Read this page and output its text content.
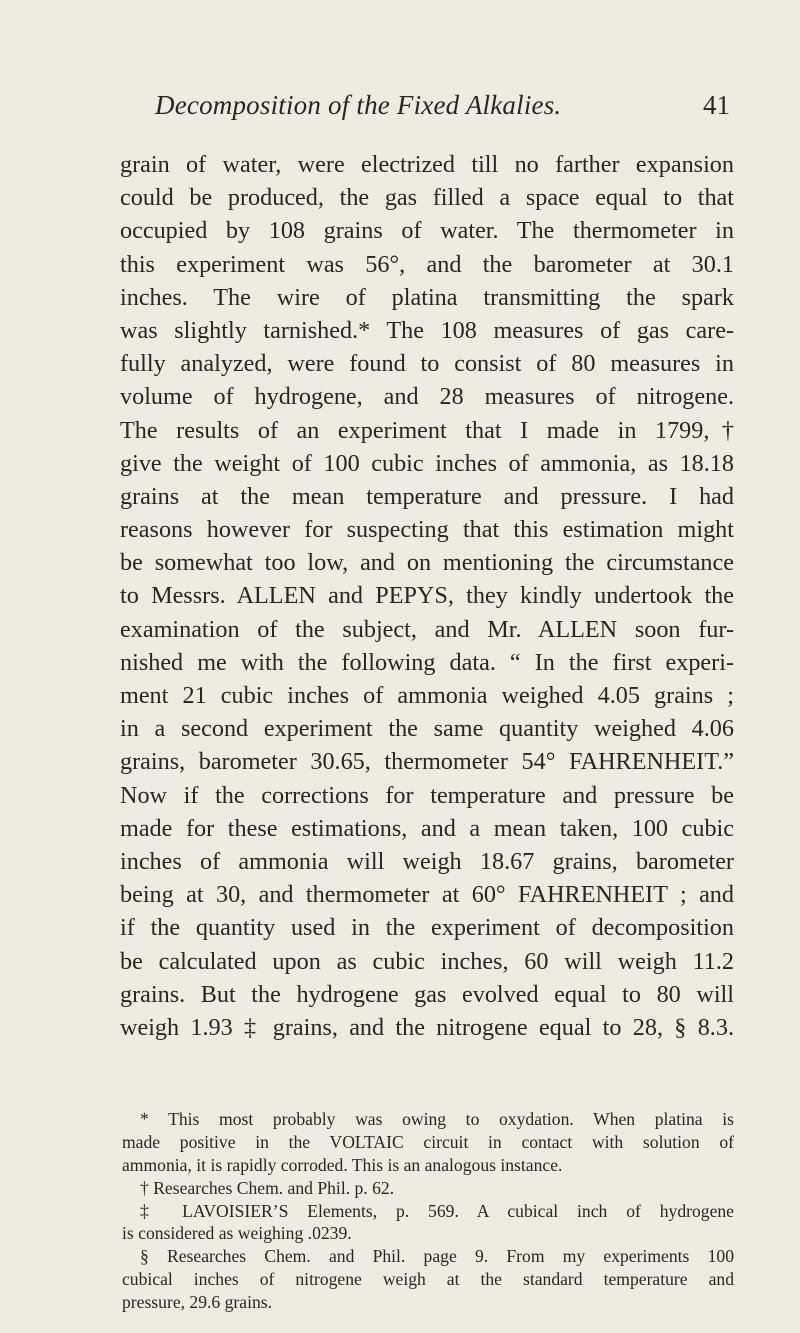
Decomposition of the Fixed Alkalies.	41
grain of water, were electrized till no farther expansion
could be produced, the gas filled a space equal to that
occupied by 108 grains of water. The thermometer in
this experiment was 56°, and the barometer at 30.1
inches. The wire of platina transmitting the spark
was slightly tarnished.* The 108 measures of gas care-
fully analyzed, were found to consist of 80 measures in
volume of hydrogene, and 28 measures of nitrogene.
The results of an experiment that I made in 1799,†
give the weight of 100 cubic inches of ammonia, as 18.18
grains at the mean temperature and pressure. I had
reasons however for suspecting that this estimation might
be somewhat too low, and on mentioning the circumstance
to Messrs. ALLEN and PEPYS, they kindly undertook the
examination of the subject, and Mr. ALLEN soon fur-
nished me with the following data. “ In the first experi-
ment 21 cubic inches of ammonia weighed 4.05 grains ;
in a second experiment the same quantity weighed 4.06
grains, barometer 30.65, thermometer 54° FAHRENHEIT.”
Now if the corrections for temperature and pressure be
made for these estimations, and a mean taken, 100 cubic
inches of ammonia will weigh 18.67 grains, barometer
being at 30, and thermometer at 60° FAHRENHEIT ; and
if the quantity used in the experiment of decomposition
be calculated upon as cubic inches, 60 will weigh 11.2
grains. But the hydrogene gas evolved equal to 80 will
weigh 1.93 ‡ grains, and the nitrogene equal to 28, § 8.3.
* This most probably was owing to oxydation. When platina is
made positive in the VOLTAIC circuit in contact with solution of
ammonia, it is rapidly corroded. This is an analogous instance.
† Researches Chem. and Phil. p. 62.
‡ LAVOISIER’S Elements, p. 569. A cubical inch of hydrogene
is considered as weighing .0239.
§ Researches Chem. and Phil. page 9. From my experiments 100
cubical inches of nitrogene weigh at the standard temperature and
pressure, 29.6 grains.
